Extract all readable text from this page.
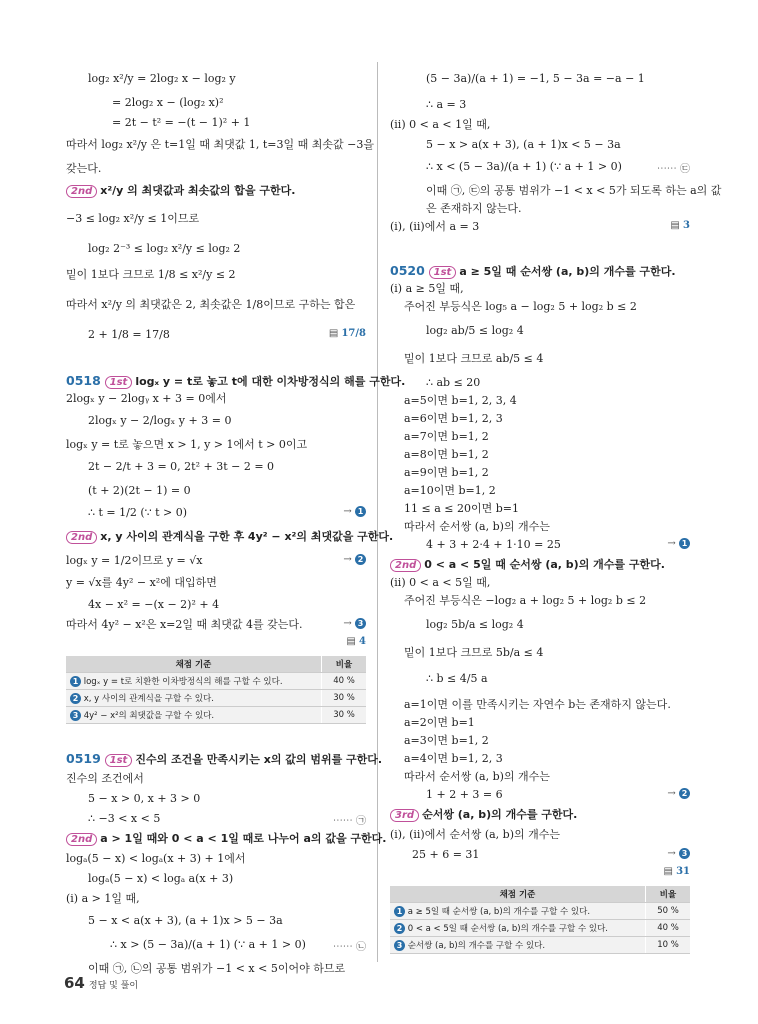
log₂ x²/y = 2log₂ x − log₂ y
= 2log₂ x − (log₂ x)²
= 2t − t² = −(t − 1)² + 1
따라서 log₂ x²/y 은 t=1일 때 최댓값 1, t=3일 때 최솟값 −3을
갖는다.
2nd x²/y 의 최댓값과 최솟값의 합을 구한다.
−3 ≤ log₂ x²/y ≤ 1이므로
log₂ 2⁻³ ≤ log₂ x²/y ≤ log₂ 2
밑이 1보다 크므로 1/8 ≤ x²/y ≤ 2
따라서 x²/y 의 최댓값은 2, 최솟값은 1/8이므로 구하는 합은
2 + 1/8 = 17/8	▤ 17/8
0518 1st logₓ y = t로 놓고 t에 대한 이차방정식의 해를 구한다.
2logₓ y − 2logᵧ x + 3 = 0에서
2logₓ y − 2/logₓ y + 3 = 0
logₓ y = t로 놓으면 x > 1, y > 1에서 t > 0이고
2t − 2/t + 3 = 0, 2t² + 3t − 2 = 0
(t + 2)(2t − 1) = 0
∴ t = 1/2 (∵ t > 0)	→ 1
2nd x, y 사이의 관계식을 구한 후 4y² − x²의 최댓값을 구한다.
logₓ y = 1/2이므로 y = √x	→ 2
y = √x를 4y² − x²에 대입하면
4x − x² = −(x − 2)² + 4
따라서 4y² − x²은 x=2일 때 최댓값 4를 갖는다.	→ 3
▤ 4
채점 기준	비율
1 logₓ y = t로 치환한 이차방정식의 해를 구할 수 있다.	40 %
2 x, y 사이의 관계식을 구할 수 있다.	30 %
3 4y² − x²의 최댓값을 구할 수 있다.	30 %
0519 1st 진수의 조건을 만족시키는 x의 값의 범위를 구한다.
진수의 조건에서
5 − x > 0, x + 3 > 0
∴ −3 < x < 5	⋯⋯ ㉠
2nd a > 1일 때와 0 < a < 1일 때로 나누어 a의 값을 구한다.
logₐ(5 − x) < logₐ(x + 3) + 1에서
logₐ(5 − x) < logₐ a(x + 3)
(i) a > 1일 때,
5 − x < a(x + 3), (a + 1)x > 5 − 3a
∴ x > (5 − 3a)/(a + 1) (∵ a + 1 > 0)	⋯⋯ ㉡
이때 ㉠, ㉡의 공통 범위가 −1 < x < 5이어야 하므로
(5 − 3a)/(a + 1) = −1, 5 − 3a = −a − 1
∴ a = 3
(ii) 0 < a < 1일 때,
5 − x > a(x + 3), (a + 1)x < 5 − 3a
∴ x < (5 − 3a)/(a + 1) (∵ a + 1 > 0)	⋯⋯ ㉢
이때 ㉠, ㉢의 공통 범위가 −1 < x < 5가 되도록 하는 a의 값
은 존재하지 않는다.
(i), (ii)에서 a = 3	▤ 3
0520 1st a ≥ 5일 때 순서쌍 (a, b)의 개수를 구한다.
(i) a ≥ 5일 때,
주어진 부등식은 log₅ a − log₂ 5 + log₂ b ≤ 2
log₂ ab/5 ≤ log₂ 4
밑이 1보다 크므로 ab/5 ≤ 4
∴ ab ≤ 20
a=5이면 b=1, 2, 3, 4
a=6이면 b=1, 2, 3
a=7이면 b=1, 2
a=8이면 b=1, 2
a=9이면 b=1, 2
a=10이면 b=1, 2
11 ≤ a ≤ 20이면 b=1
따라서 순서쌍 (a, b)의 개수는
4 + 3 + 2·4 + 1·10 = 25	→ 1
2nd 0 < a < 5일 때 순서쌍 (a, b)의 개수를 구한다.
(ii) 0 < a < 5일 때,
주어진 부등식은 −log₂ a + log₂ 5 + log₂ b ≤ 2
log₂ 5b/a ≤ log₂ 4
밑이 1보다 크므로 5b/a ≤ 4
∴ b ≤ 4/5 a
a=1이면 이를 만족시키는 자연수 b는 존재하지 않는다.
a=2이면 b=1
a=3이면 b=1, 2
a=4이면 b=1, 2, 3
따라서 순서쌍 (a, b)의 개수는
1 + 2 + 3 = 6	→ 2
3rd 순서쌍 (a, b)의 개수를 구한다.
(i), (ii)에서 순서쌍 (a, b)의 개수는
25 + 6 = 31	→ 3
▤ 31
채점 기준	비율
1 a ≥ 5일 때 순서쌍 (a, b)의 개수를 구할 수 있다.	50 %
2 0 < a < 5일 때 순서쌍 (a, b)의 개수를 구할 수 있다.	40 %
3 순서쌍 (a, b)의 개수를 구할 수 있다.	10 %
64 정답 및 풀이
